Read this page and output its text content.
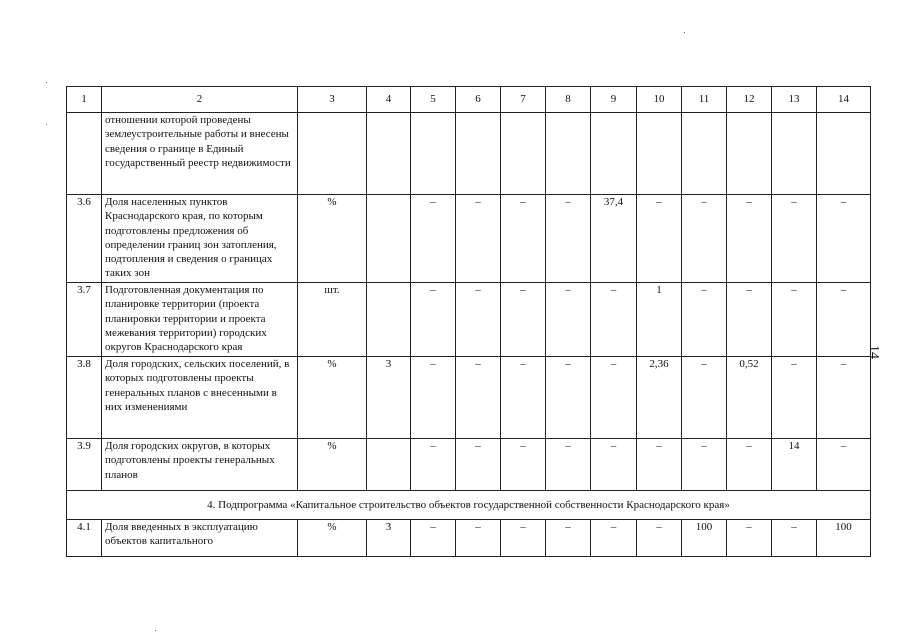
1	2	3	4	5	6	7	8	9	10	11	12	13	14
	отношении которой проведены землеустроительные работы и внесены сведения о границе в Единый государственный реестр недвижимости												
3.6	Доля населенных пунктов Краснодарского края, по которым подготовлены предложения об определении границ зон затопления, подтопления и сведения о границах таких зон	%		–	–	–	–	37,4	–	–	–	–	–
3.7	Подготовленная документация по планировке территории (проекта планировки территории и проекта межевания территории) городских округов Краснодарского края	шт.		–	–	–	–	–	1	–	–	–	–
3.8	Доля городских, сельских поселений, в которых подготовлены проекты генеральных планов с внесенными в них изменениями	%	3	–	–	–	–	–	2,36	–	0,52	–	–
3.9	Доля городских округов, в которых подготовлены проекты генеральных планов	%		–	–	–	–	–	–	–	–	14	–
4. Подпрограмма «Капитальное строительство объектов государственной собственности Краснодарского края»													
4.1	Доля введенных в эксплуатацию объектов капитального	%	3	–	–	–	–	–	–	100	–	–	100
14
